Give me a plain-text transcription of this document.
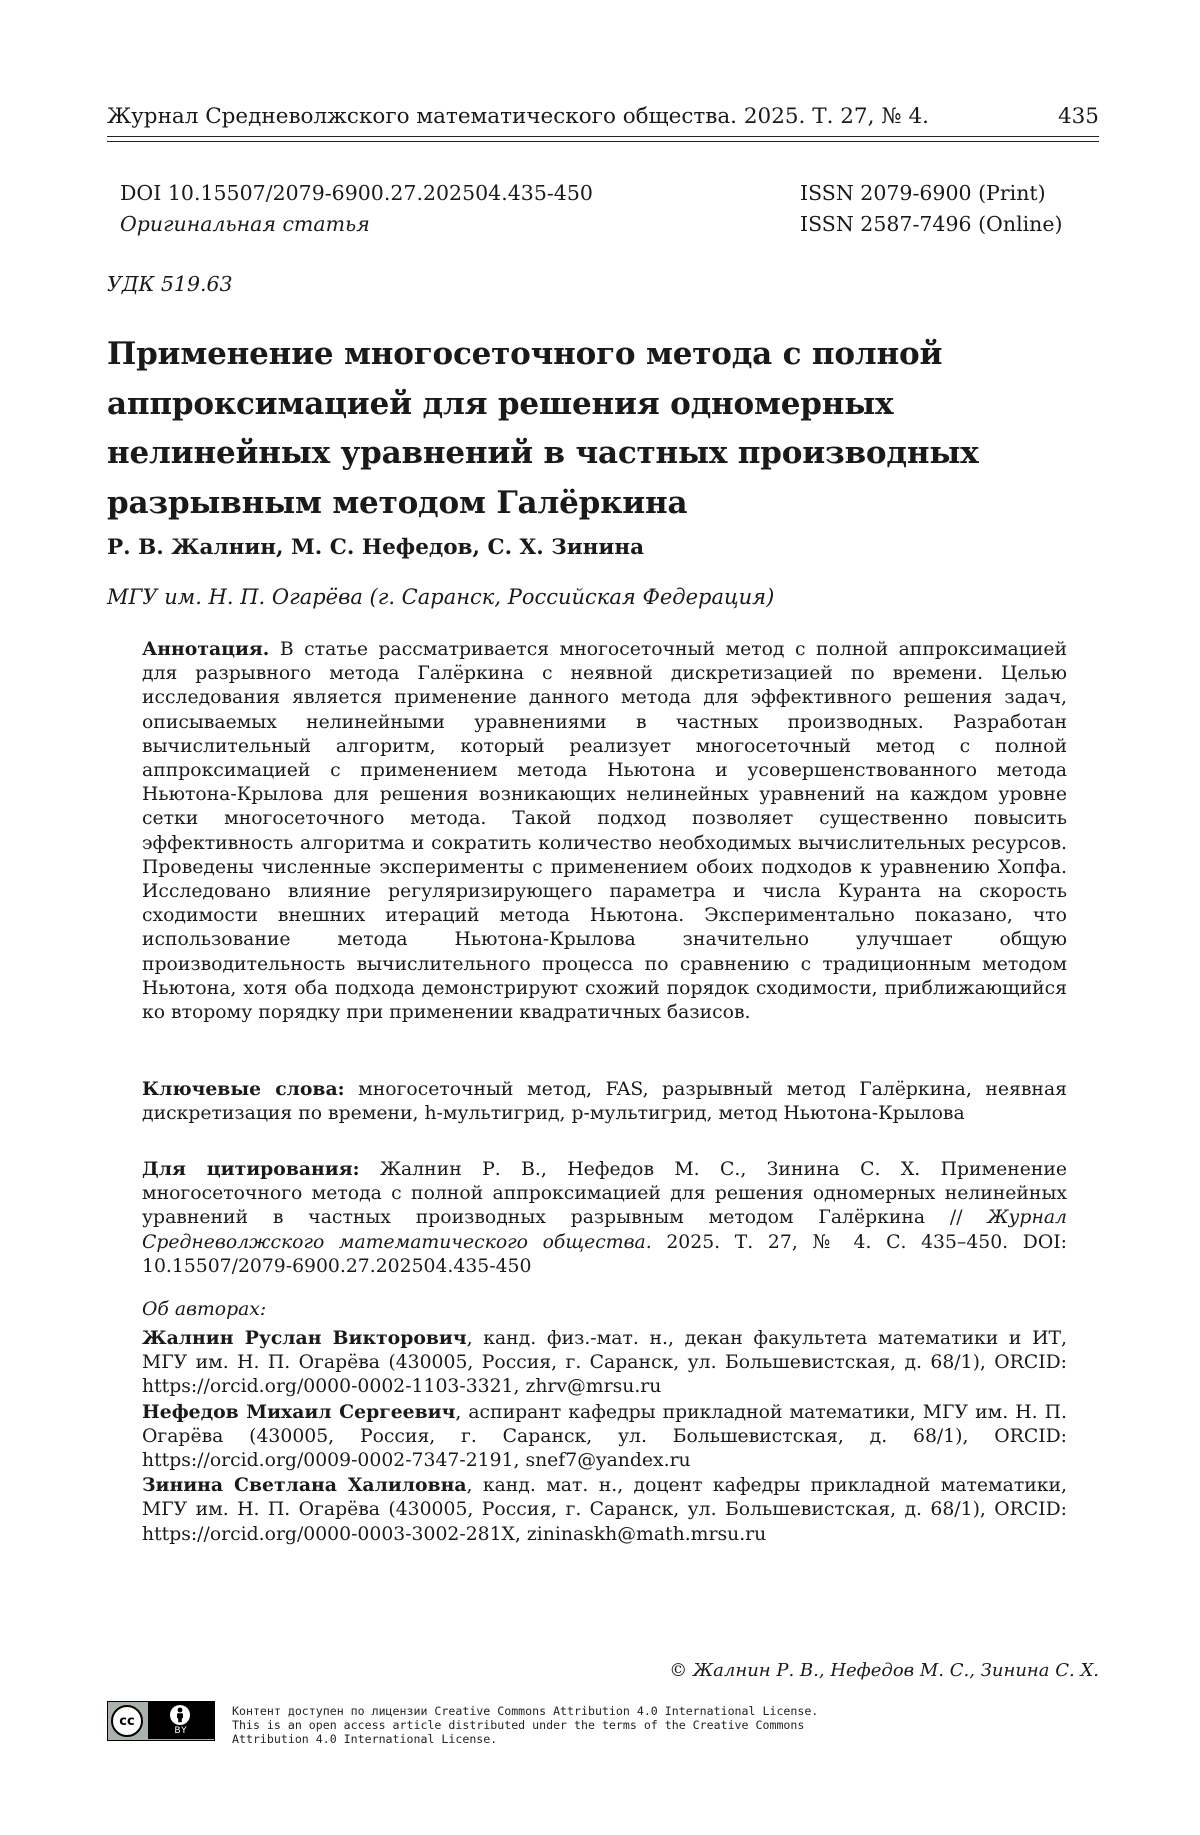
Журнал Средневолжского математического общества. 2025. Т. 27, № 4.	435
DOI 10.15507/2079-6900.27.202504.435-450
Оригинальная статья
ISSN 2079-6900 (Print)
ISSN 2587-7496 (Online)
УДК 519.63
Применение многосеточного метода с полной аппроксимацией для решения одномерных нелинейных уравнений в частных производных разрывным методом Галёркина
Р. В. Жалнин, М. С. Нефедов, С. Х. Зинина
МГУ им. Н. П. Огарёва (г. Саранск, Российская Федерация)
Аннотация. В статье рассматривается многосеточный метод с полной аппроксимацией для разрывного метода Галёркина с неявной дискретизацией по времени. Целью исследования является применение данного метода для эффективного решения задач, описываемых нелинейными уравнениями в частных производных. Разработан вычислительный алгоритм, который реализует многосеточный метод с полной аппроксимацией с применением метода Ньютона и усовершенствованного метода Ньютона-Крылова для решения возникающих нелинейных уравнений на каждом уровне сетки многосеточного метода. Такой подход позволяет существенно повысить эффективность алгоритма и сократить количество необходимых вычислительных ресурсов. Проведены численные эксперименты с применением обоих подходов к уравнению Хопфа. Исследовано влияние регуляризирующего параметра и числа Куранта на скорость сходимости внешних итераций метода Ньютона. Экспериментально показано, что использование метода Ньютона-Крылова значительно улучшает общую производительность вычислительного процесса по сравнению с традиционным методом Ньютона, хотя оба подхода демонстрируют схожий порядок сходимости, приближающийся ко второму порядку при применении квадратичных базисов.
Ключевые слова: многосеточный метод, FAS, разрывный метод Галёркина, неявная дискретизация по времени, h-мультигрид, p-мультигрид, метод Ньютона-Крылова
Для цитирования: Жалнин Р. В., Нефедов М. С., Зинина С. Х. Применение многосеточного метода с полной аппроксимацией для решения одномерных нелинейных уравнений в частных производных разрывным методом Галёркина // Журнал Средневолжского математического общества. 2025. Т. 27, № 4. С. 435–450. DOI: 10.15507/2079-6900.27.202504.435-450
Об авторах:

Жалнин Руслан Викторович, канд. физ.-мат. н., декан факультета математики и ИТ, МГУ им. Н. П. Огарёва (430005, Россия, г. Саранск, ул. Большевистская, д. 68/1), ORCID: https://orcid.org/0000-0002-1103-3321, zhrv@mrsu.ru

Нефедов Михаил Сергеевич, аспирант кафедры прикладной математики, МГУ им. Н. П. Огарёва (430005, Россия, г. Саранск, ул. Большевистская, д. 68/1), ORCID: https://orcid.org/0009-0002-7347-2191, snef7@yandex.ru

Зинина Светлана Халиловна, канд. мат. н., доцент кафедры прикладной математики, МГУ им. Н. П. Огарёва (430005, Россия, г. Саранск, ул. Большевистская, д. 68/1), ORCID: https://orcid.org/0000-0003-3002-281X, zininaskh@math.mrsu.ru

© Жалнин Р. В., Нефедов М. С., Зинина С. Х.
cc
BY
Контент доступен по лицензии Creative Commons Attribution 4.0 International License.
This is an open access article distributed under the terms of the Creative Commons
Attribution 4.0 International License.
